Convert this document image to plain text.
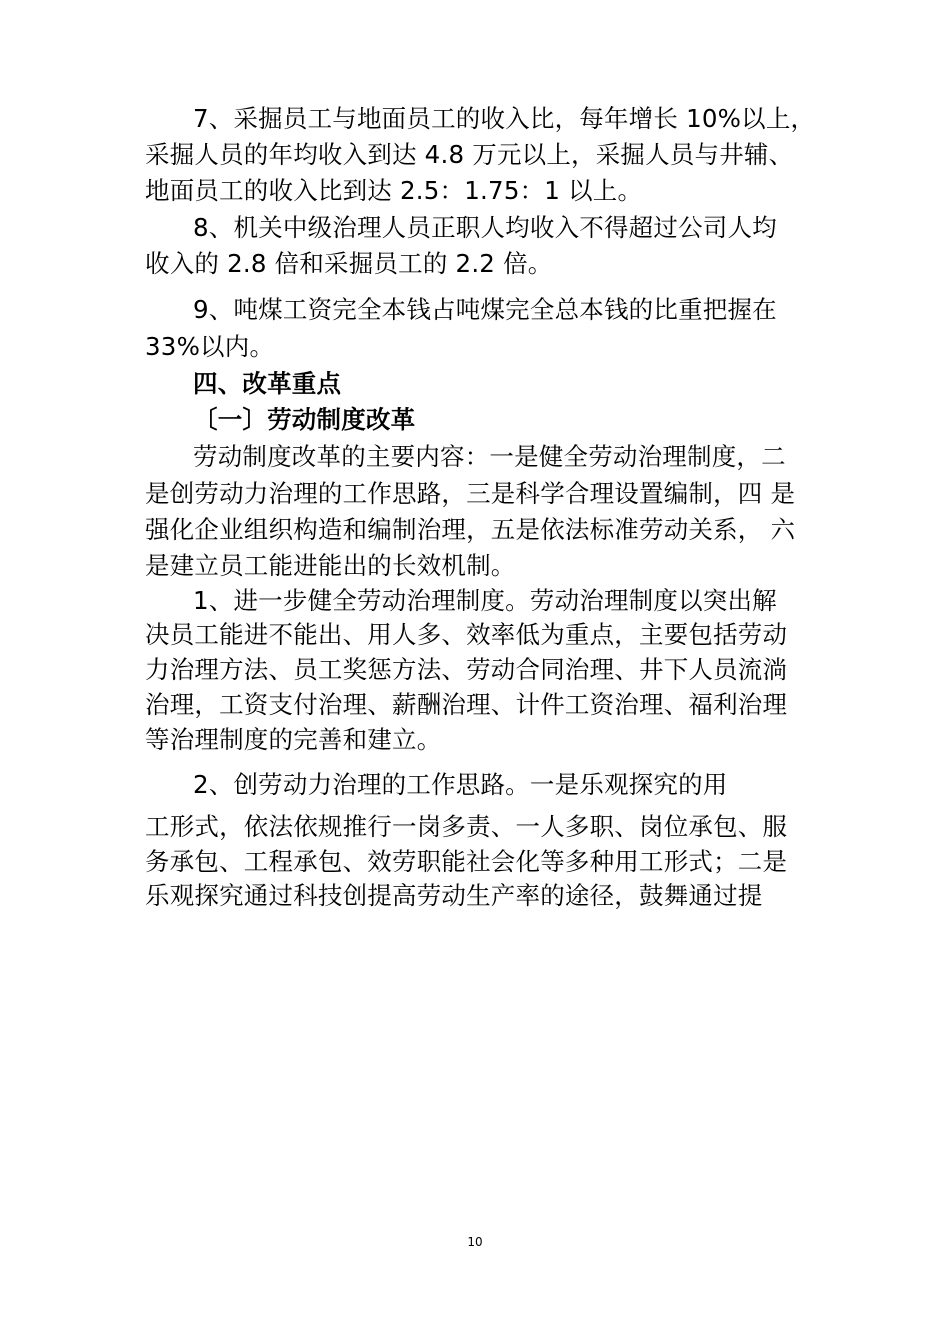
7、采掘员工与地面员工的收入比，每年增长 10%以上，
采掘人员的年均收入到达 4.8 万元以上，采掘人员与井辅、
地面员工的收入比到达 2.5：1.75：1 以上。
8、机关中级治理人员正职人均收入不得超过公司人均
收入的 2.8 倍和采掘员工的 2.2 倍。
9、吨煤工资完全本钱占吨煤完全总本钱的比重把握在
33%以内。
四、改革重点
〔一〕劳动制度改革
劳动制度改革的主要内容：一是健全劳动治理制度，二
是创劳动力治理的工作思路，三是科学合理设置编制，四 是
强化企业组织构造和编制治理，五是依法标准劳动关系， 六
是建立员工能进能出的长效机制。
1、进一步健全劳动治理制度。劳动治理制度以突出解
决员工能进不能出、用人多、效率低为重点，主要包括劳动
力治理方法、员工奖惩方法、劳动合同治理、井下人员流淌
治理，工资支付治理、薪酬治理、计件工资治理、福利治理
等治理制度的完善和建立。
2、创劳动力治理的工作思路。一是乐观探究的用
工形式，依法依规推行一岗多责、一人多职、岗位承包、服
务承包、工程承包、效劳职能社会化等多种用工形式；二是
乐观探究通过科技创提高劳动生产率的途径，鼓舞通过提
10
